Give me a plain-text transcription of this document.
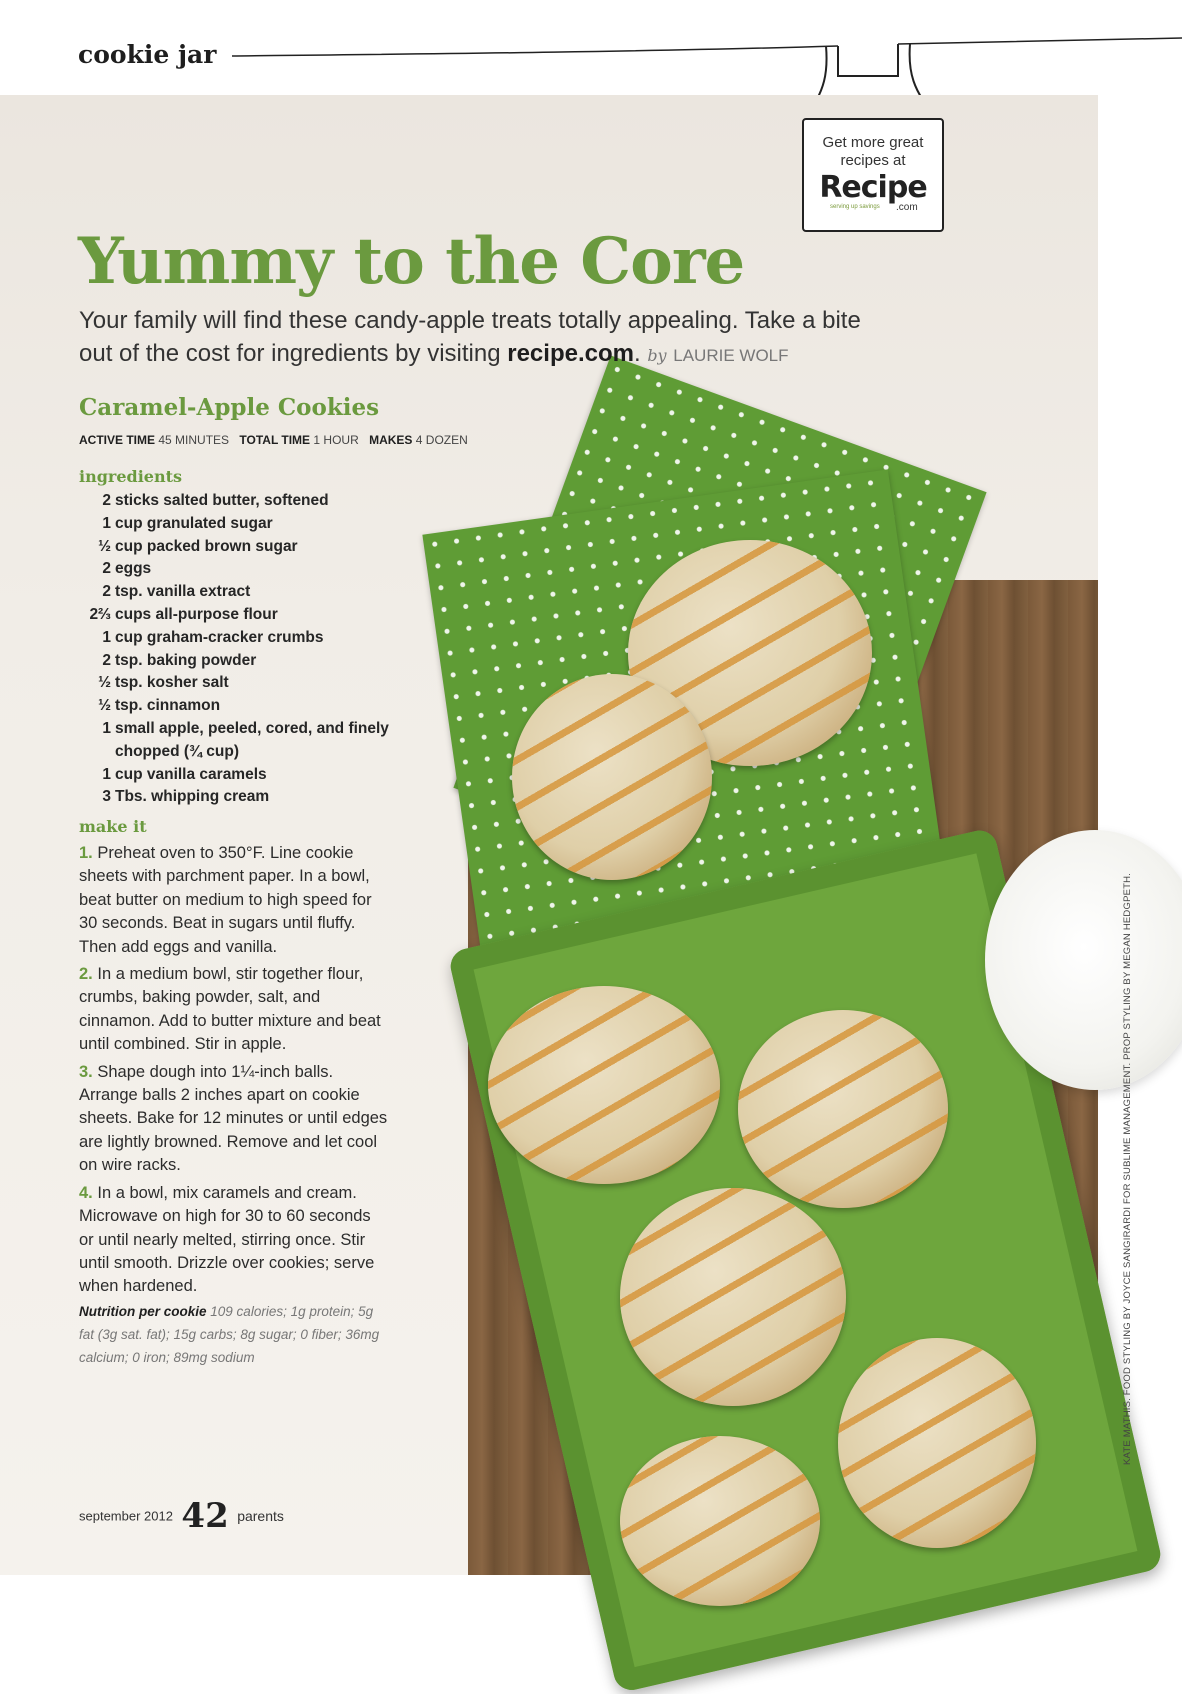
cookie jar
Get more great recipes at
Recipe
serving up savings .com
Yummy to the Core

Your family will find these candy-apple treats totally appealing. Take a bite out of the cost for ingredients by visiting recipe.com. by LAURIE WOLF

Caramel-Apple Cookies
ACTIVE TIME 45 MINUTES TOTAL TIME 1 HOUR MAKES 4 DOZEN
ingredients
2 sticks salted butter, softened
1 cup granulated sugar
½ cup packed brown sugar
2 eggs
2 tsp. vanilla extract
2⅔ cups all-purpose flour
1 cup graham-cracker crumbs
2 tsp. baking powder
½ tsp. kosher salt
½ tsp. cinnamon
1 small apple, peeled, cored, and finely chopped (¾ cup)
1 cup vanilla caramels
3 Tbs. whipping cream
make it

1. Preheat oven to 350°F. Line cookie sheets with parchment paper. In a bowl, beat butter on medium to high speed for 30 seconds. Beat in sugars until fluffy. Then add eggs and vanilla.

2. In a medium bowl, stir together flour, crumbs, baking powder, salt, and cinnamon. Add to butter mixture and beat until combined. Stir in apple.

3. Shape dough into 1¼-inch balls. Arrange balls 2 inches apart on cookie sheets. Bake for 12 minutes or until edges are lightly browned. Remove and let cool on wire racks.

4. In a bowl, mix caramels and cream. Microwave on high for 30 to 60 seconds or until nearly melted, stirring once. Stir until smooth. Drizzle over cookies; serve when hardened.

Nutrition per cookie 109 calories; 1g protein; 5g fat (3g sat. fat); 15g carbs; 8g sugar; 0 fiber; 36mg calcium; 0 iron; 89mg sodium	KATE MATHIS. FOOD STYLING BY JOYCE SANGIRARDI FOR SUBLIME MANAGEMENT. PROP STYLING BY MEGAN HEDGPETH.
september 2012 42 parents
